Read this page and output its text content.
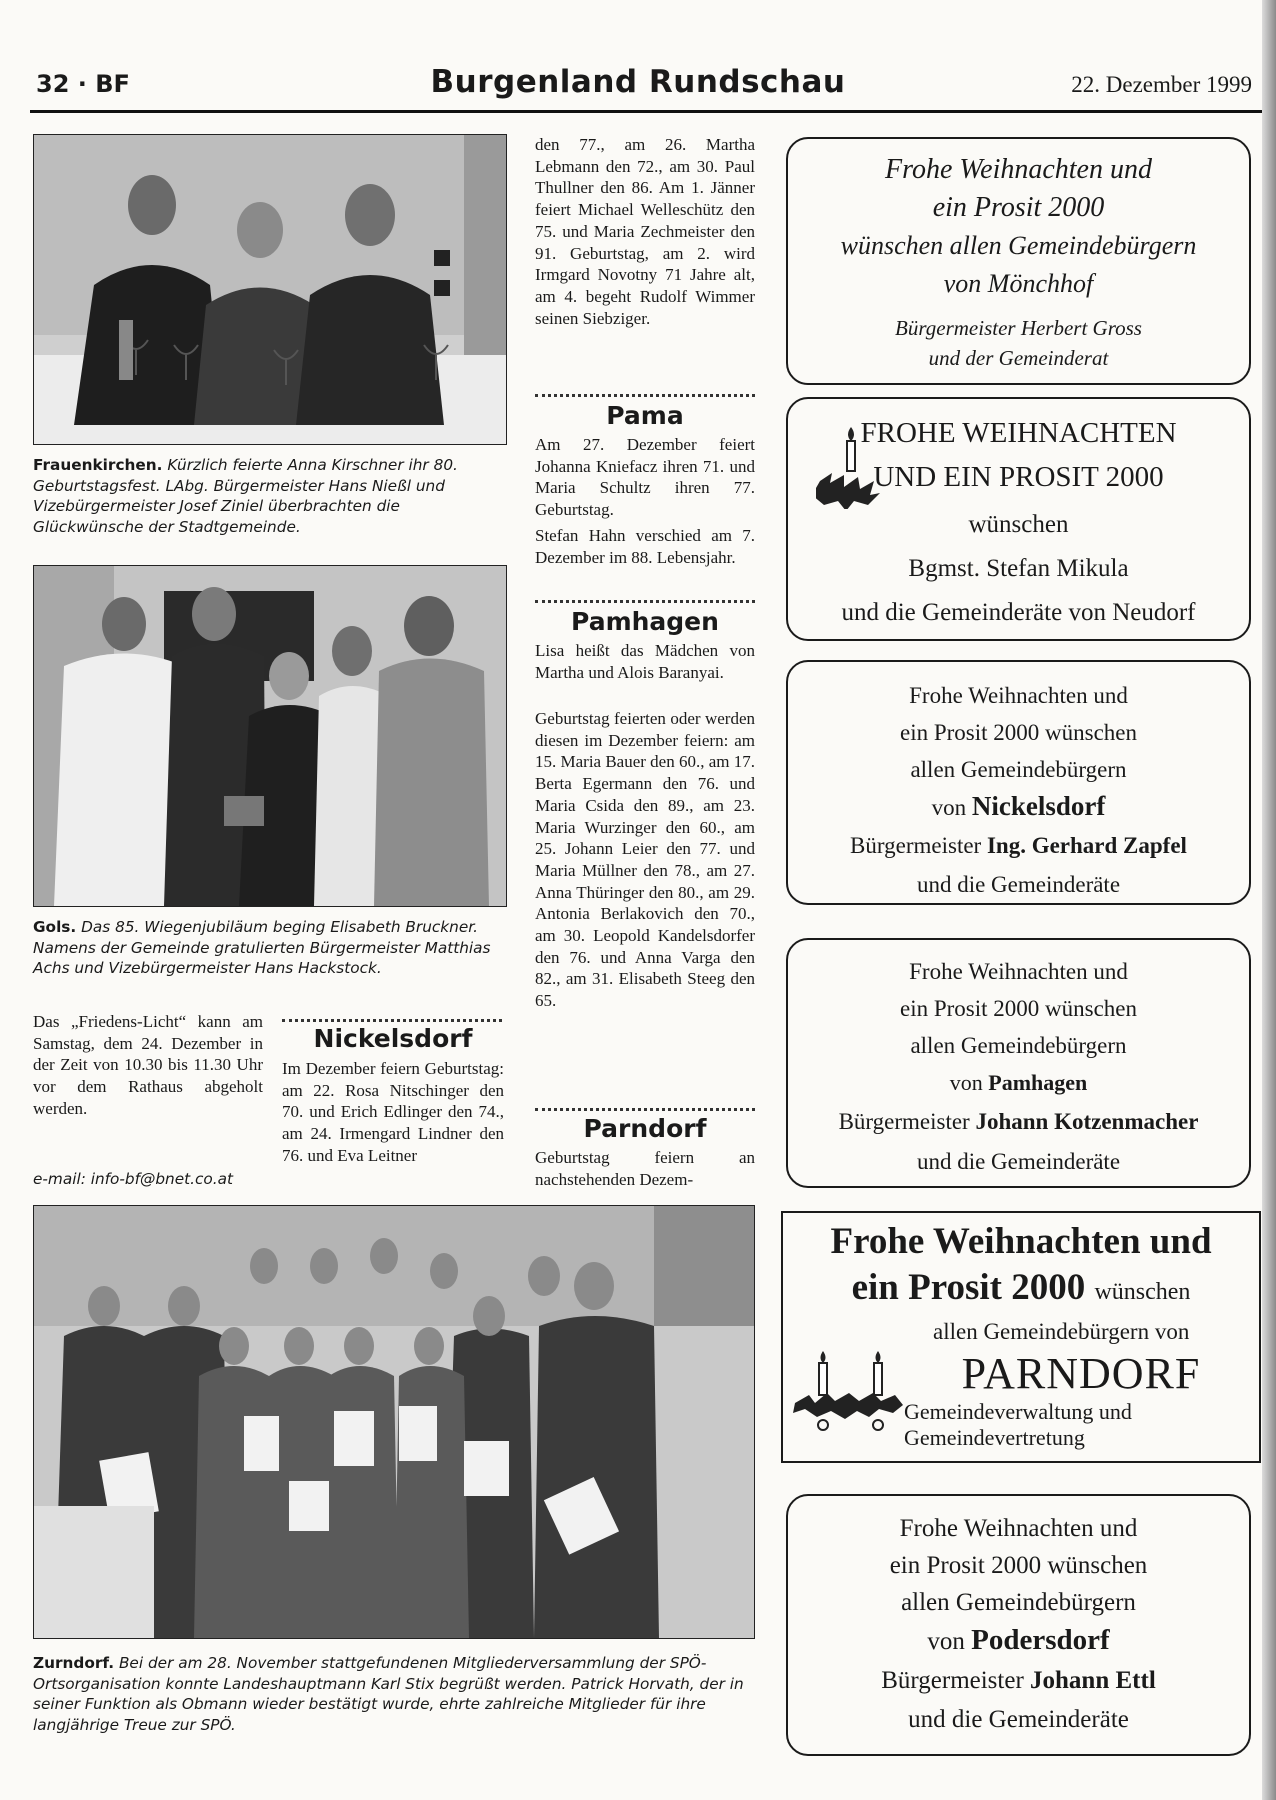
32 · BF	Burgenland Rundschau	22. Dezember 1999
Frauenkirchen. Kürzlich feierte Anna Kirschner ihr 80. Geburtstagsfest. LAbg. Bürgermeister Hans Nießl und Vizebürgermeister Josef Ziniel überbrachten die Glückwünsche der Stadtgemeinde.
Gols. Das 85. Wiegenjubiläum beging Elisabeth Bruckner. Namens der Gemeinde gratulierten Bürgermeister Matthias Achs und Vizebürgermeister Hans Hackstock.
Das „Friedens-Licht“ kann am Samstag, dem 24. Dezember in der Zeit von 10.30 bis 11.30 Uhr vor dem Rathaus abgeholt werden.
e-mail: info-bf@bnet.co.at
Nickelsdorf
Im Dezember feiern Geburtstag: am 22. Rosa Nitschinger den 70. und Erich Edlinger den 74., am 24. Irmengard Lindner den 76. und Eva Leitner
den 77., am 26. Martha Lebmann den 72., am 30. Paul Thullner den 86. Am 1. Jänner feiert Michael Welleschütz den 75. und Maria Zechmeister den 91. Geburtstag, am 2. wird Irmgard Novotny 71 Jahre alt, am 4. begeht Rudolf Wimmer seinen Siebziger.
Pama
Am 27. Dezember feiert Johanna Kniefacz ihren 71. und Maria Schultz ihren 77. Geburtstag.
Stefan Hahn verschied am 7. Dezember im 88. Lebensjahr.
Pamhagen
Lisa heißt das Mädchen von Martha und Alois Baranyai.
Geburtstag feierten oder werden diesen im Dezember feiern: am 15. Maria Bauer den 60., am 17. Berta Egermann den 76. und Maria Csida den 89., am 23. Maria Wurzinger den 60., am 25. Johann Leier den 77. und Maria Müllner den 78., am 27. Anna Thüringer den 80., am 29. Antonia Berlakovich den 70., am 30. Leopold Kandelsdorfer den 76. und Anna Varga den 82., am 31. Elisabeth Steeg den 65.
Parndorf
Geburtstag feiern an nachstehenden Dezem-
Zurndorf. Bei der am 28. November stattgefundenen Mitgliederversammlung der SPÖ-Ortsorganisation konnte Landeshauptmann Karl Stix begrüßt werden. Patrick Horvath, der in seiner Funktion als Obmann wieder bestätigt wurde, ehrte zahlreiche Mitglieder für ihre langjährige Treue zur SPÖ.
Frohe Weihnachten und
ein Prosit 2000
wünschen allen Gemeindebürgern
von Mönchhof
Bürgermeister Herbert Gross
und der Gemeinderat
FROHE WEIHNACHTEN
UND EIN PROSIT 2000
wünschen
Bgmst. Stefan Mikula
und die Gemeinderäte von Neudorf
Frohe Weihnachten und
ein Prosit 2000 wünschen
allen Gemeindebürgern
von Nickelsdorf
Bürgermeister Ing. Gerhard Zapfel
und die Gemeinderäte
Frohe Weihnachten und
ein Prosit 2000 wünschen
allen Gemeindebürgern
von Pamhagen
Bürgermeister Johann Kotzenmacher
und die Gemeinderäte
Frohe Weihnachten und
ein Prosit 2000 wünschen
allen Gemeindebürgern von
PARNDORF
Gemeindeverwaltung und
Gemeindevertretung
Frohe Weihnachten und
ein Prosit 2000 wünschen
allen Gemeindebürgern
von Podersdorf
Bürgermeister Johann Ettl
und die Gemeinderäte
